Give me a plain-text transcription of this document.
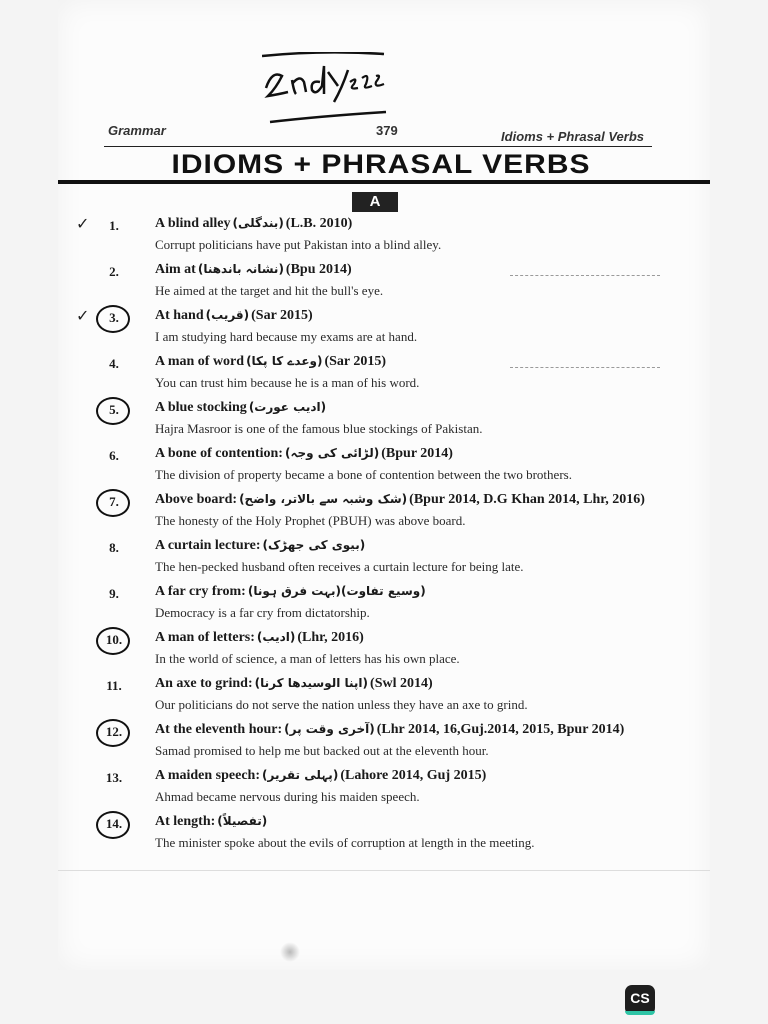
Grammar	379	Idioms + Phrasal Verbs
IDIOMS + PHRASAL VERBS
A
✓	1.	A blind alley (بندگلی) (L.B. 2010)
Corrupt politicians have put Pakistan into a blind alley.
2.	Aim at (نشانہ باندھنا) (Bpu 2014)
He aimed at the target and hit the bull's eye.
✓	3.	At hand (قریب) (Sar 2015)
I am studying hard because my exams are at hand.
4.	A man of word (وعدے کا پکا) (Sar 2015)
You can trust him because he is a man of his word.
5.	A blue stocking (ادیب عورت)
Hajra Masroor is one of the famous blue stockings of Pakistan.
6.	A bone of contention: (لڑائی کی وجہ) (Bpur 2014)
The division of property became a bone of contention between the two brothers.
7.	Above board: (شک وشبہ سے بالاتر، واضح) (Bpur 2014, D.G Khan 2014, Lhr, 2016)
The honesty of the Holy Prophet (PBUH) was above board.
8.	A curtain lecture: (بیوی کی جھڑک)
The hen-pecked husband often receives a curtain lecture for being late.
9.	A far cry from: (بہت فرق ہونا)(وسیع تفاوت)
Democracy is a far cry from dictatorship.
10.	A man of letters: (ادیب) (Lhr, 2016)
In the world of science, a man of letters has his own place.
11.	An axe to grind: (اپنا الوسیدھا کرنا) (Swl 2014)
Our politicians do not serve the nation unless they have an axe to grind.
12.	At the eleventh hour: (آخری وقت پر) (Lhr 2014, 16,Guj.2014, 2015, Bpur 2014)
Samad promised to help me but backed out at the eleventh hour.
13.	A maiden speech: (پہلی تقریر) (Lahore 2014, Guj 2015)
Ahmad became nervous during his maiden speech.
14.	At length: (تفصیلاً)
The minister spoke about the evils of corruption at length in the meeting.
CS
